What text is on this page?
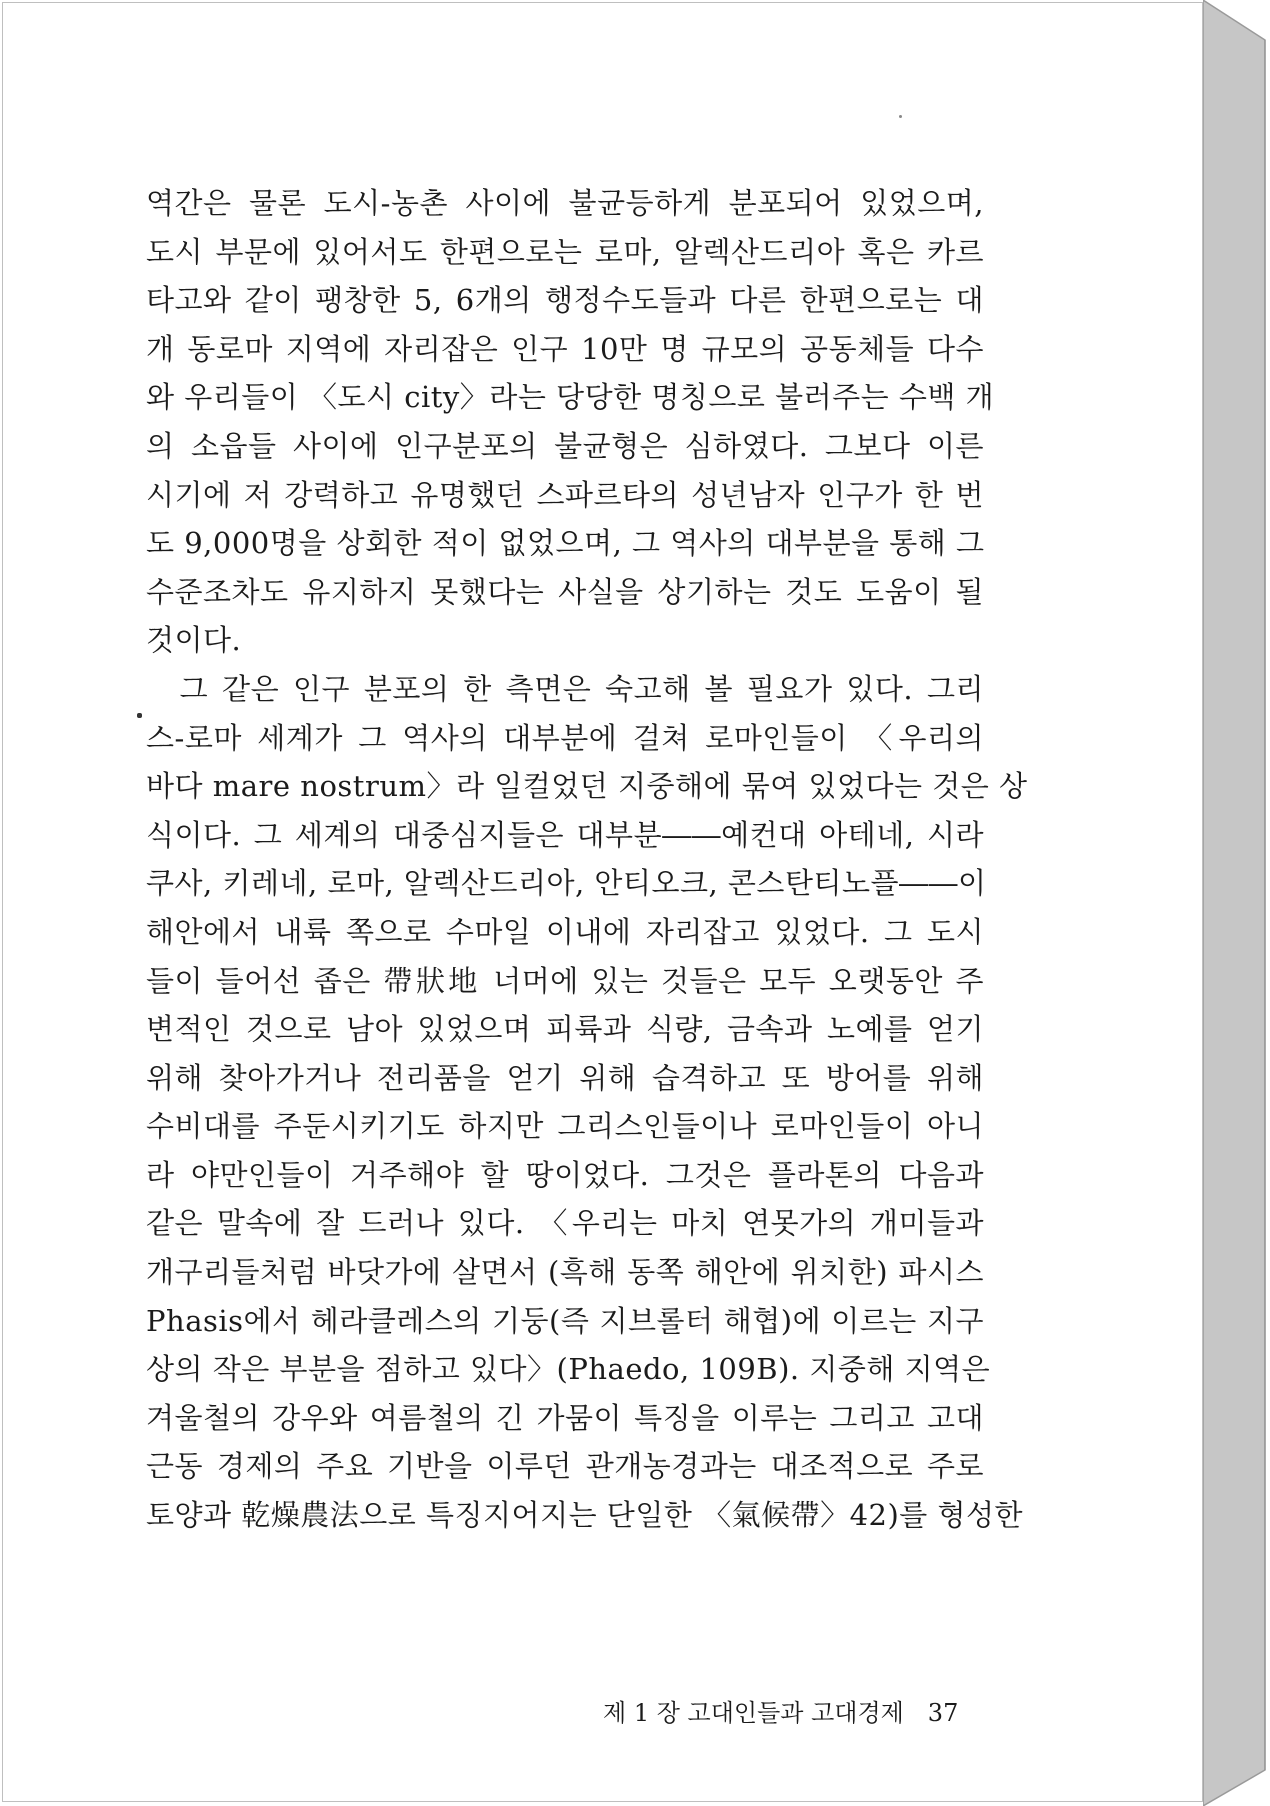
역간은 물론 도시-농촌 사이에 불균등하게 분포되어 있었으며,
도시 부문에 있어서도 한편으로는 로마, 알렉산드리아 혹은 카르
타고와 같이 팽창한 5, 6개의 행정수도들과 다른 한편으로는 대
개 동로마 지역에 자리잡은 인구 10만 명 규모의 공동체들 다수
와 우리들이 〈도시 city〉라는 당당한 명칭으로 불러주는 수백 개
의 소읍들 사이에 인구분포의 불균형은 심하였다. 그보다 이른
시기에 저 강력하고 유명했던 스파르타의 성년남자 인구가 한 번
도 9,000명을 상회한 적이 없었으며, 그 역사의 대부분을 통해 그
수준조차도 유지하지 못했다는 사실을 상기하는 것도 도움이 될
것이다.
　그 같은 인구 분포의 한 측면은 숙고해 볼 필요가 있다. 그리
스-로마 세계가 그 역사의 대부분에 걸쳐 로마인들이 〈우리의
바다 mare nostrum〉라 일컬었던 지중해에 묶여 있었다는 것은 상
식이다. 그 세계의 대중심지들은 대부분――예컨대 아테네, 시라
쿠사, 키레네, 로마, 알렉산드리아, 안티오크, 콘스탄티노플――이
해안에서 내륙 쪽으로 수마일 이내에 자리잡고 있었다. 그 도시
들이 들어선 좁은 帶狀地 너머에 있는 것들은 모두 오랫동안 주
변적인 것으로 남아 있었으며 피륙과 식량, 금속과 노예를 얻기
위해 찾아가거나 전리품을 얻기 위해 습격하고 또 방어를 위해
수비대를 주둔시키기도 하지만 그리스인들이나 로마인들이 아니
라 야만인들이 거주해야 할 땅이었다. 그것은 플라톤의 다음과
같은 말속에 잘 드러나 있다. 〈우리는 마치 연못가의 개미들과
개구리들처럼 바닷가에 살면서 (흑해 동쪽 해안에 위치한) 파시스
Phasis에서 헤라클레스의 기둥(즉 지브롤터 해협)에 이르는 지구
상의 작은 부분을 점하고 있다〉(Phaedo, 109B). 지중해 지역은
겨울철의 강우와 여름철의 긴 가뭄이 특징을 이루는 그리고 고대
근동 경제의 주요 기반을 이루던 관개농경과는 대조적으로 주로
토양과 乾燥農法으로 특징지어지는 단일한 〈氣候帶〉42)를 형성한
제 1 장 고대인들과 고대경제　37
